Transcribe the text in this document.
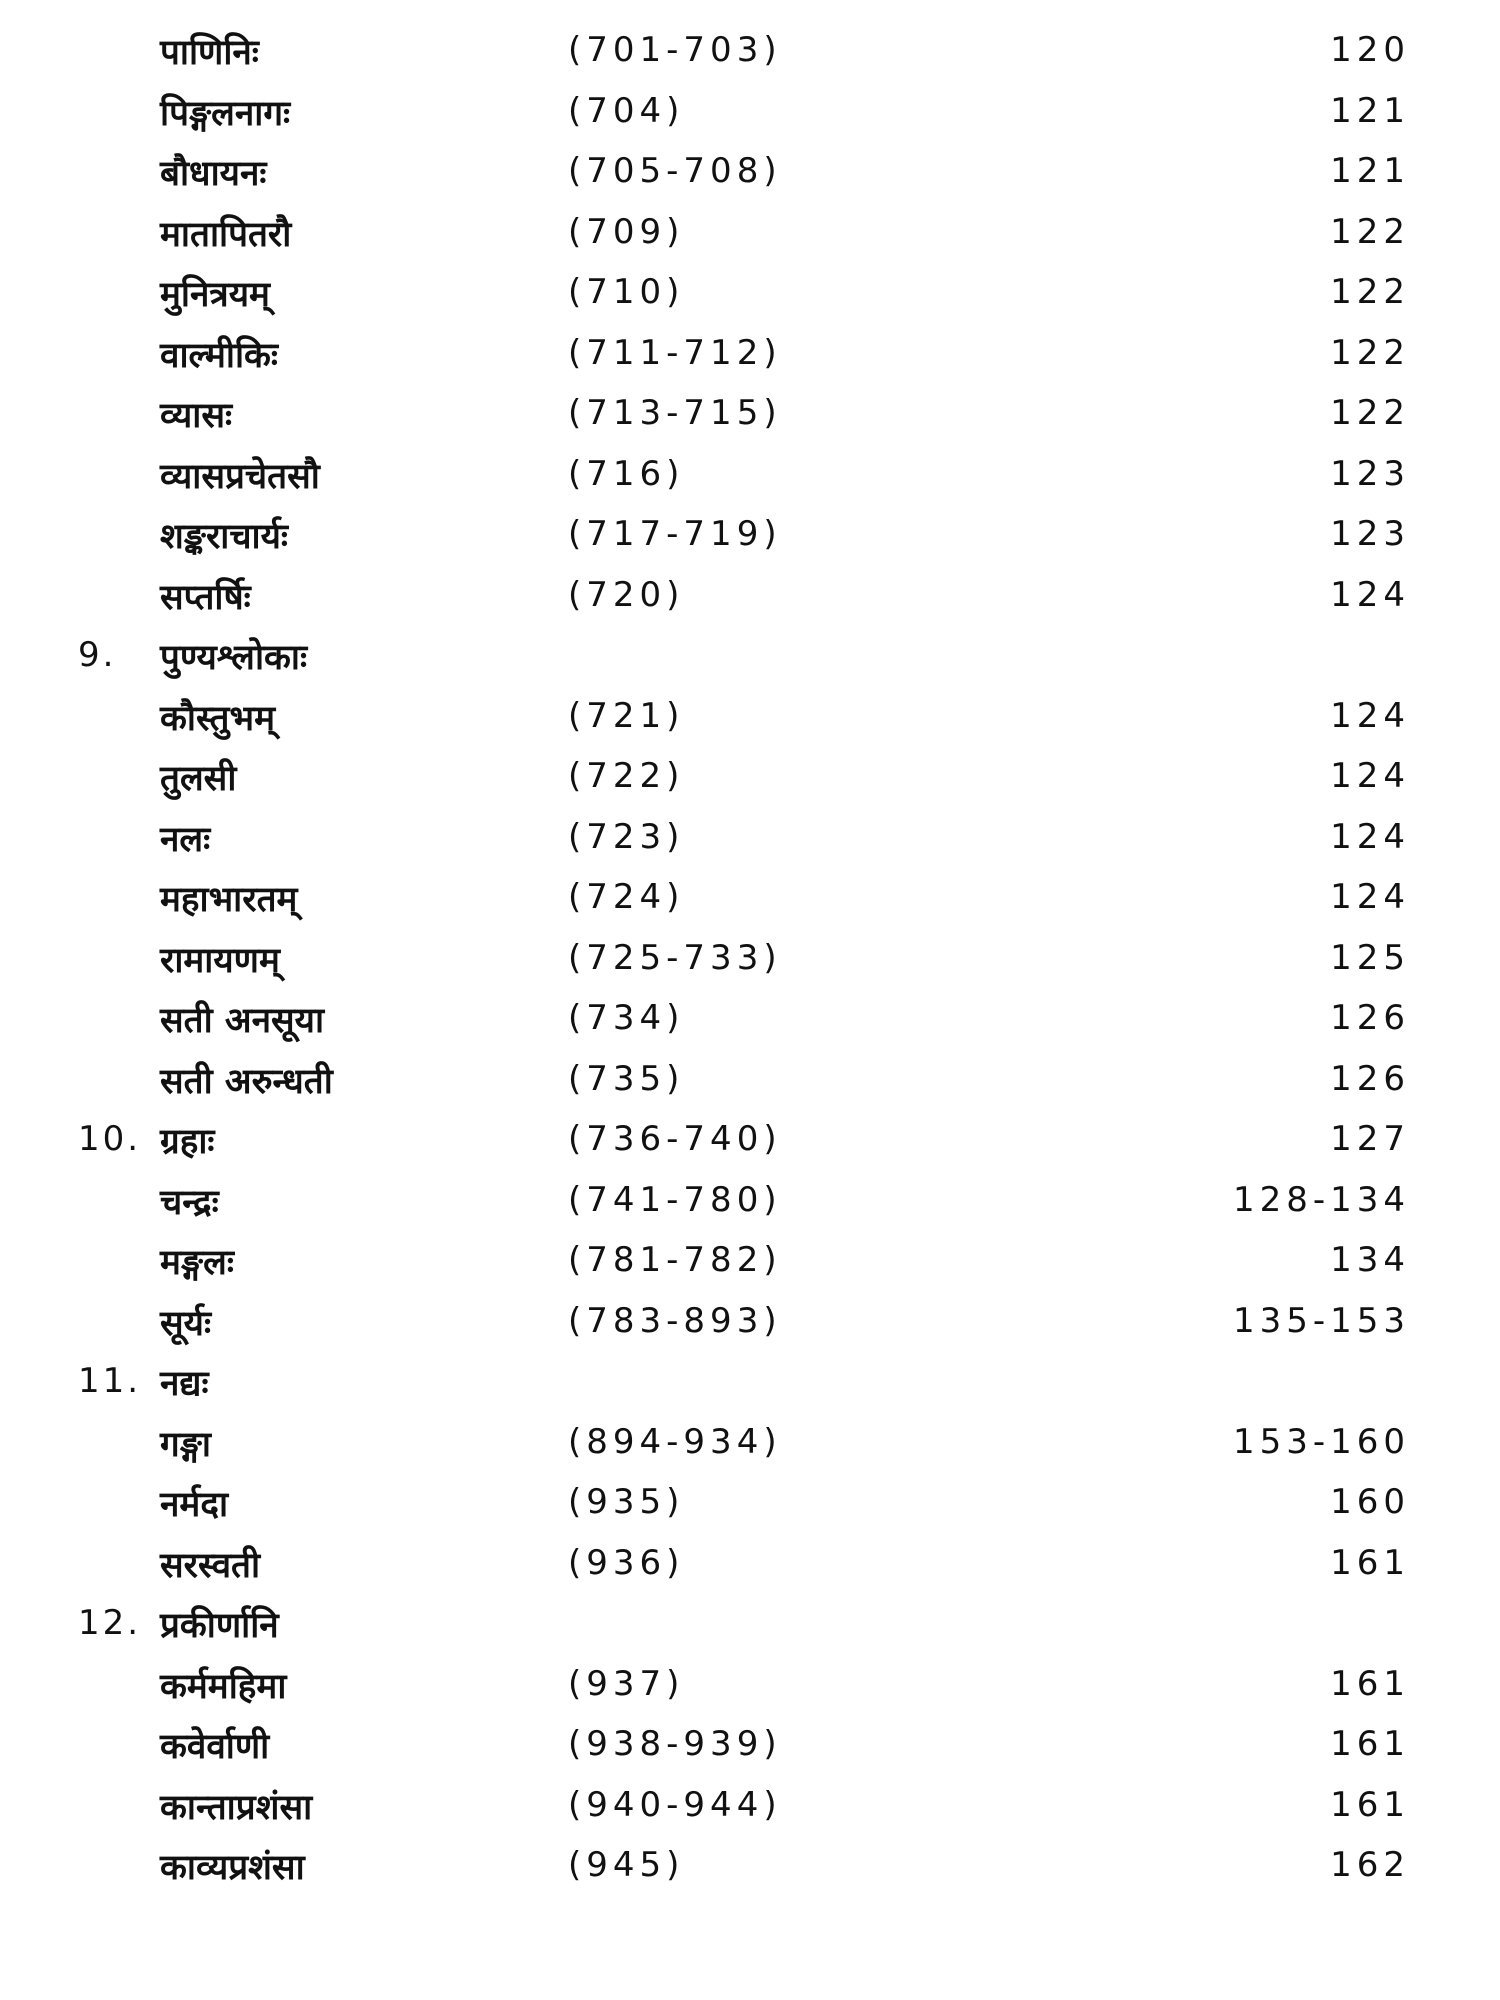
पाणिनिः	(701-703)	120
पिङ्गलनागः	(704)	121
बौधायनः	(705-708)	121
मातापितरौ	(709)	122
मुनित्रयम्	(710)	122
वाल्मीकिः	(711-712)	122
व्यासः	(713-715)	122
व्यासप्रचेतसौ	(716)	123
शङ्कराचार्यः	(717-719)	123
सप्तर्षिः	(720)	124
9. पुण्यश्लोकाः
कौस्तुभम्	(721)	124
तुलसी	(722)	124
नलः	(723)	124
महाभारतम्	(724)	124
रामायणम्	(725-733)	125
सती अनसूया	(734)	126
सती अरुन्धती	(735)	126
10. ग्रहाः	(736-740)	127
चन्द्रः	(741-780)	128-134
मङ्गलः	(781-782)	134
सूर्यः	(783-893)	135-153
11. नद्यः
गङ्गा	(894-934)	153-160
नर्मदा	(935)	160
सरस्वती	(936)	161
12. प्रकीर्णानि
कर्ममहिमा	(937)	161
कवेर्वाणी	(938-939)	161
कान्ताप्रशंसा	(940-944)	161
काव्यप्रशंसा	(945)	162
